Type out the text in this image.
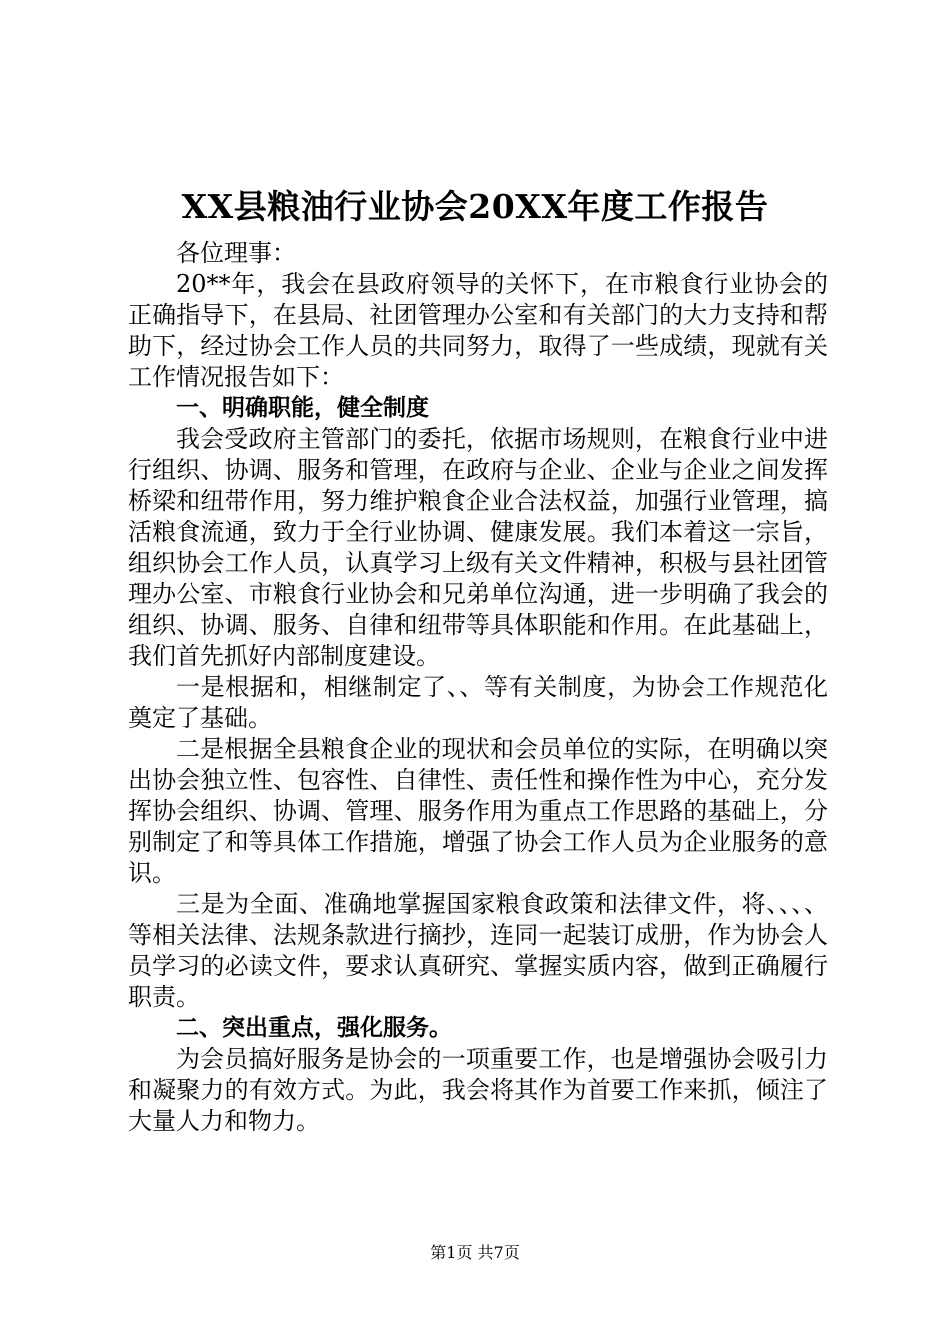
XX县粮油行业协会20XX年度工作报告

各位理事：

20**年，我会在县政府领导的关怀下，在市粮食行业协会的正确指导下，在县局、社团管理办公室和有关部门的大力支持和帮助下，经过协会工作人员的共同努力，取得了一些成绩，现就有关工作情况报告如下：

一、明确职能，健全制度

我会受政府主管部门的委托，依据市场规则，在粮食行业中进行组织、协调、服务和管理，在政府与企业、企业与企业之间发挥桥梁和纽带作用，努力维护粮食企业合法权益，加强行业管理，搞活粮食流通，致力于全行业协调、健康发展。我们本着这一宗旨，组织协会工作人员，认真学习上级有关文件精神，积极与县社团管理办公室、市粮食行业协会和兄弟单位沟通，进一步明确了我会的组织、协调、服务、自律和纽带等具体职能和作用。在此基础上，我们首先抓好内部制度建设。

一是根据和，相继制定了、、等有关制度，为协会工作规范化奠定了基础。

二是根据全县粮食企业的现状和会员单位的实际，在明确以突出协会独立性、包容性、自律性、责任性和操作性为中心，充分发挥协会组织、协调、管理、服务作用为重点工作思路的基础上，分别制定了和等具体工作措施，增强了协会工作人员为企业服务的意识。

三是为全面、准确地掌握国家粮食政策和法律文件，将、、、、等相关法律、法规条款进行摘抄，连同一起装订成册，作为协会人员学习的必读文件，要求认真研究、掌握实质内容，做到正确履行职责。

二、突出重点，强化服务。

为会员搞好服务是协会的一项重要工作，也是增强协会吸引力和凝聚力的有效方式。为此，我会将其作为首要工作来抓，倾注了大量人力和物力。

第1页 共7页
